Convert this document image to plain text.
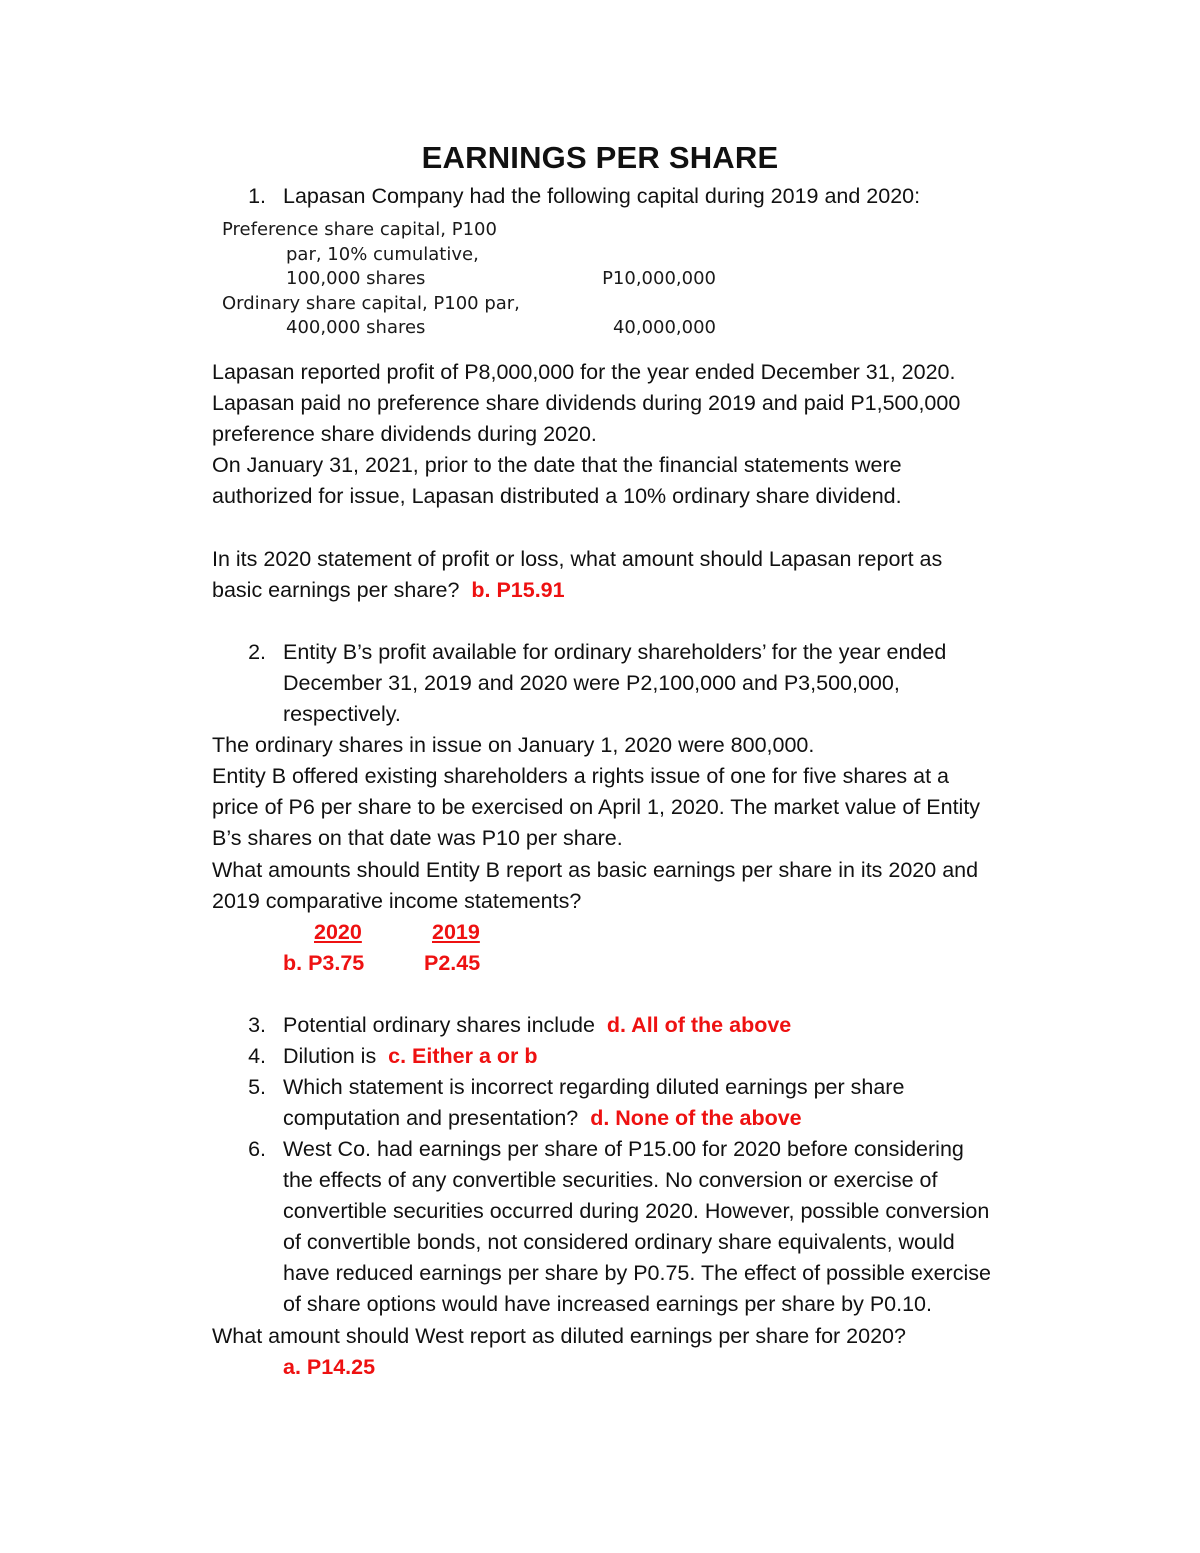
EARNINGS PER SHARE
1. Lapasan Company had the following capital during 2019 and 2020:
Preference share capital, P100
par, 10% cumulative,
100,000 shares	P10,000,000
Ordinary share capital, P100 par,
400,000 shares	40,000,000
Lapasan reported profit of P8,000,000 for the year ended December 31, 2020.
Lapasan paid no preference share dividends during 2019 and paid P1,500,000
preference share dividends during 2020.
On January 31, 2021, prior to the date that the financial statements were
authorized for issue, Lapasan distributed a 10% ordinary share dividend.
In its 2020 statement of profit or loss, what amount should Lapasan report as
basic earnings per share? b. P15.91
2. Entity B’s profit available for ordinary shareholders’ for the year ended
December 31, 2019 and 2020 were P2,100,000 and P3,500,000,
respectively.
The ordinary shares in issue on January 1, 2020 were 800,000.
Entity B offered existing shareholders a rights issue of one for five shares at a
price of P6 per share to be exercised on April 1, 2020. The market value of Entity
B’s shares on that date was P10 per share.
What amounts should Entity B report as basic earnings per share in its 2020 and
2019 comparative income statements?
2020	2019
b. P3.75	P2.45
3. Potential ordinary shares include d. All of the above
4. Dilution is c. Either a or b
5. Which statement is incorrect regarding diluted earnings per share
computation and presentation? d. None of the above
6. West Co. had earnings per share of P15.00 for 2020 before considering
the effects of any convertible securities. No conversion or exercise of
convertible securities occurred during 2020. However, possible conversion
of convertible bonds, not considered ordinary share equivalents, would
have reduced earnings per share by P0.75. The effect of possible exercise
of share options would have increased earnings per share by P0.10.
What amount should West report as diluted earnings per share for 2020?
a. P14.25
